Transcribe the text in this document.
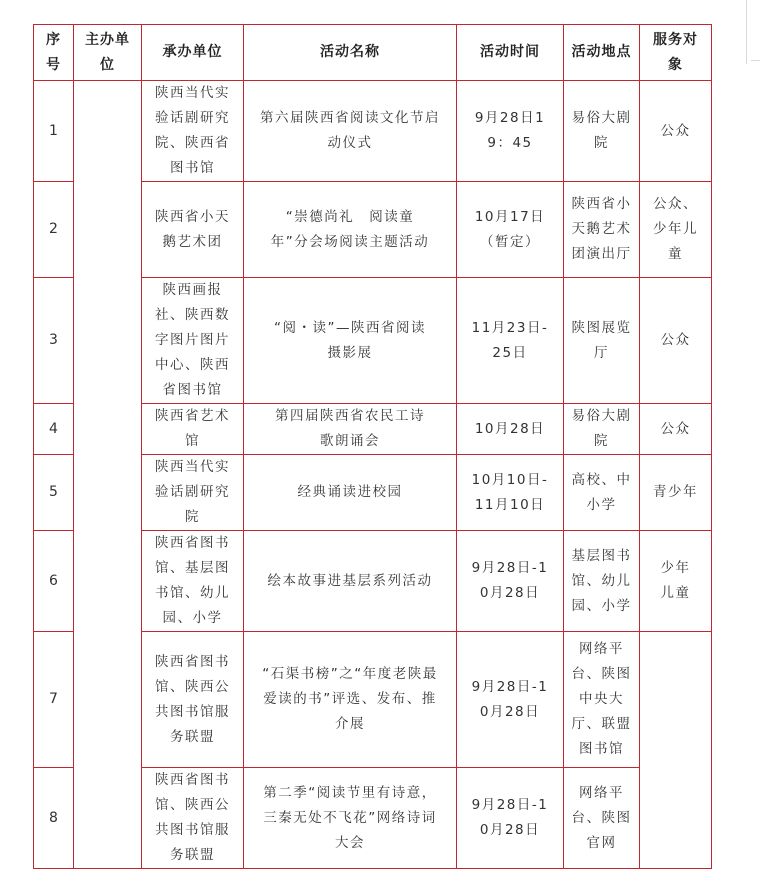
序号	主办单位	承办单位	活动名称	活动时间	活动地点	服务对象
1		陕西当代实验话剧研究院、陕西省图书馆	第六届陕西省阅读文化节启动仪式	9月28日19：45	易俗大剧院	公众
2		陕西省小天鹅艺术团	“崇德尚礼　阅读童年”分会场阅读主题活动	10月17日（暂定）	陕西省小天鹅艺术团演出厅	公众、少年儿童
3		陕西画报社、陕西数字图片图片中心、陕西省图书馆	“阅・读”—陕西省阅读摄影展	11月23日-25日	陕图展览厅	公众
4		陕西省艺术馆	第四届陕西省农民工诗歌朗诵会	10月28日	易俗大剧院	公众
5		陕西当代实验话剧研究院	经典诵读进校园	10月10日-11月10日	高校、中小学	青少年
6		陕西省图书馆、基层图书馆、幼儿园、小学	绘本故事进基层系列活动	9月28日-10月28日	基层图书馆、幼儿园、小学	少年儿童
7		陕西省图书馆、陕西公共图书馆服务联盟	“石渠书榜”之“年度老陕最爱读的书”评选、发布、推介展	9月28日-10月28日	网络平台、陕图中央大厅、联盟图书馆	
8		陕西省图书馆、陕西公共图书馆服务联盟	第二季“阅读节里有诗意，三秦无处不飞花”网络诗词大会	9月28日-10月28日	网络平台、陕图官网	
